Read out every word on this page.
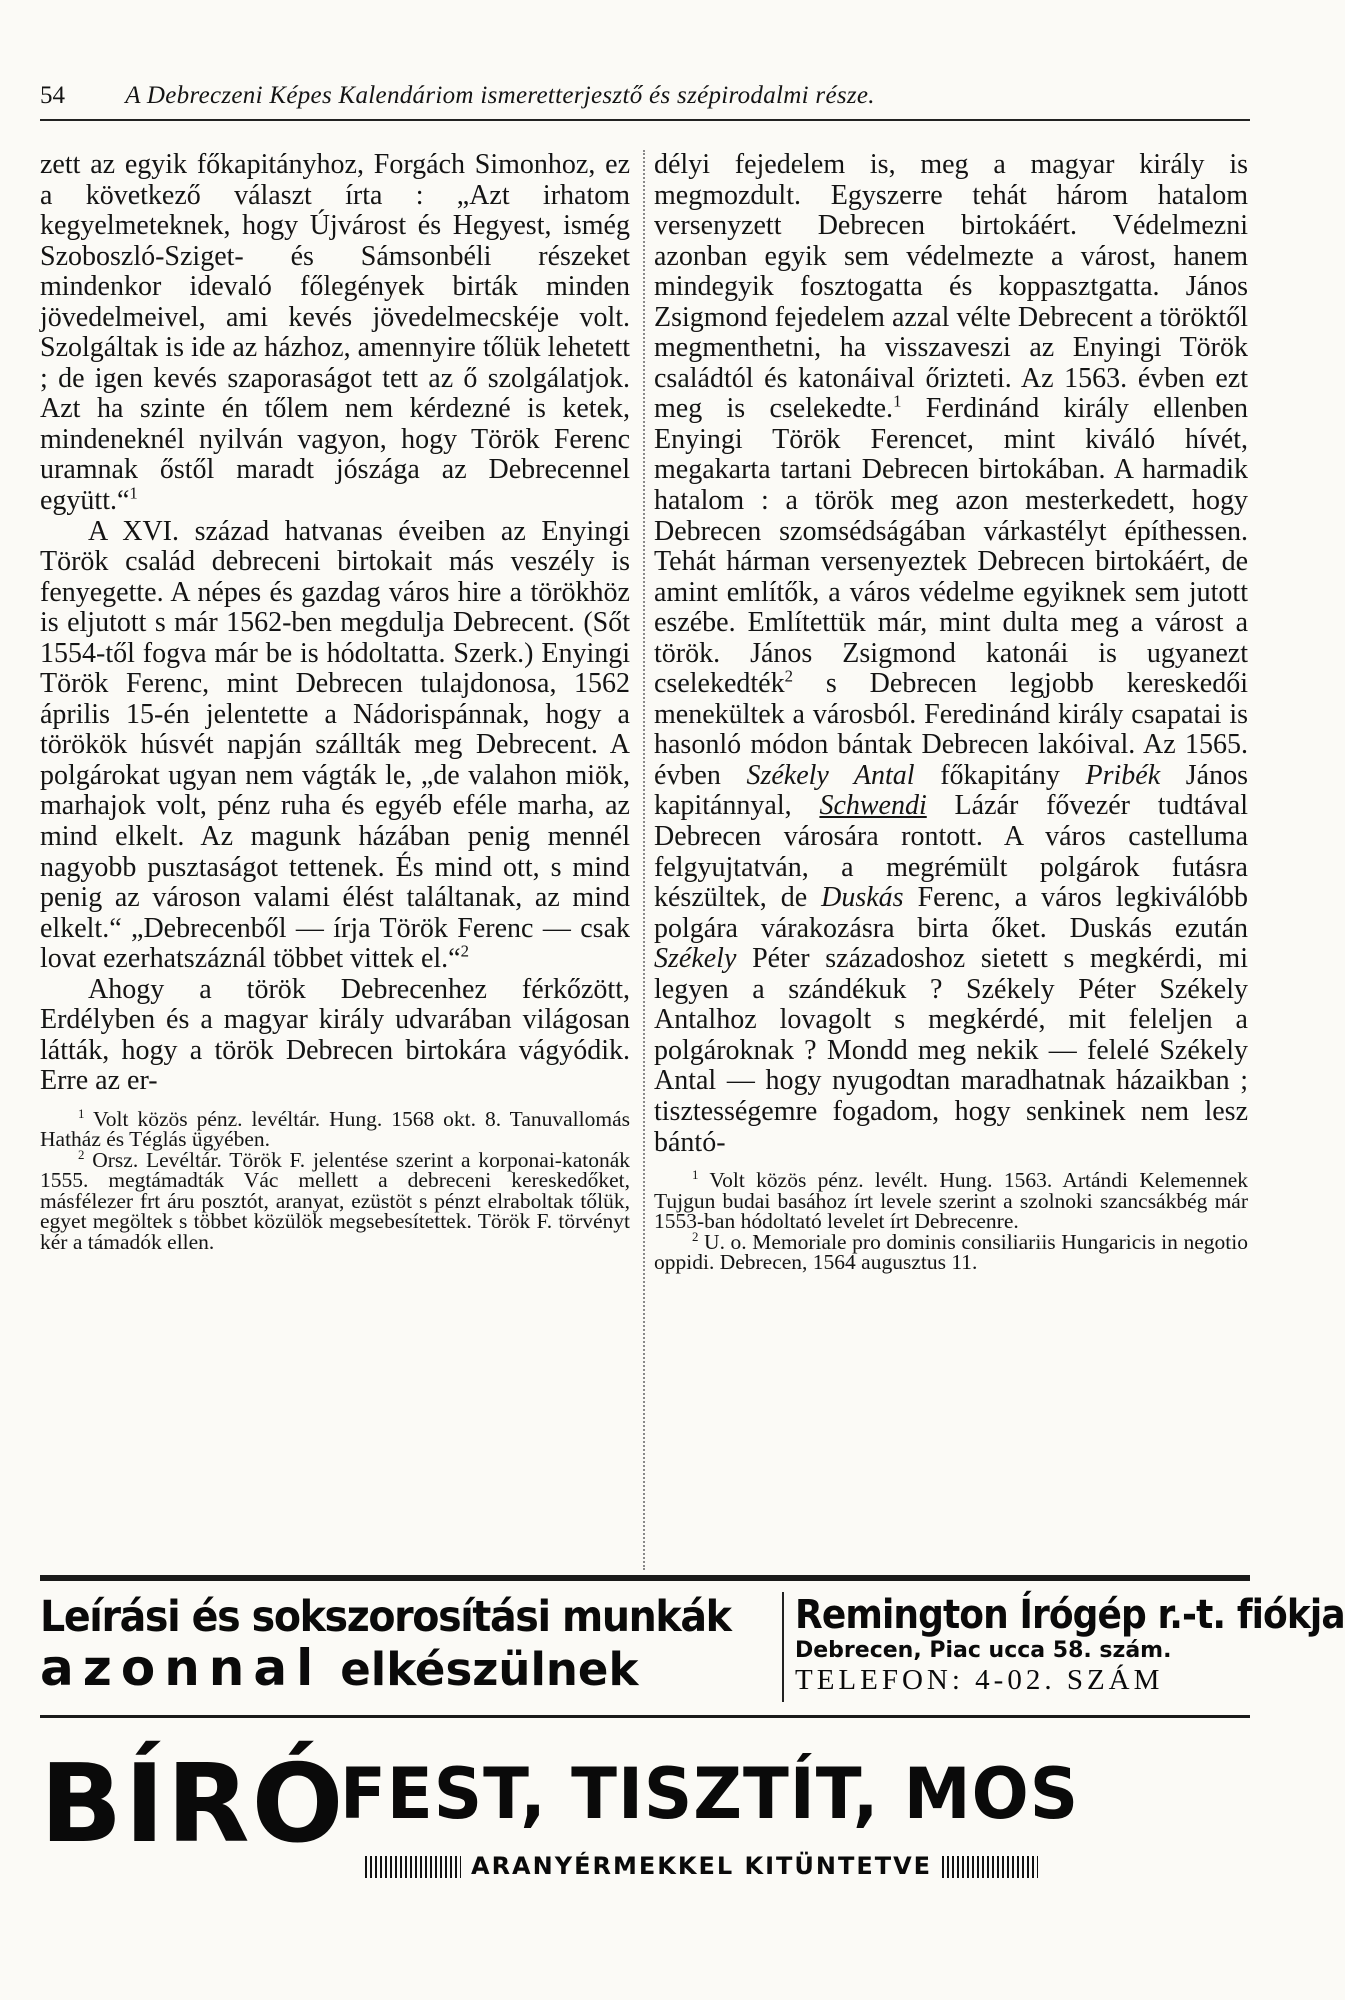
54 A Debreczeni Képes Kalendáriom ismeretterjesztő és szépirodalmi része.

zett az egyik főkapitányhoz, Forgách Simonhoz, ez a következő választ írta : „Azt irhatom kegyelmeteknek, hogy Újvárost és Hegyest, ismég Szoboszló-Sziget- és Sámsonbéli részeket mindenkor idevaló főlegények birták minden jövedelmeivel, ami kevés jövedelmecskéje volt. Szolgáltak is ide az házhoz, amennyire tőlük lehetett ; de igen kevés szaporaságot tett az ő szolgálatjok. Azt ha szinte én tőlem nem kérdezné is ketek, mindeneknél nyilván vagyon, hogy Török Ferenc uramnak őstől maradt jószága az Debrecennel együtt.“$^1$

A XVI. század hatvanas éveiben az Enyingi Török család debreceni birtokait más veszély is fenyegette. A népes és gazdag város hire a törökhöz is eljutott s már 1562-ben megdulja Debrecent. (Sőt 1554-től fogva már be is hódoltatta. Szerk.) Enyingi Török Ferenc, mint Debrecen tulajdonosa, 1562 április 15-én jelentette a Nádorispánnak, hogy a törökök húsvét napján szállták meg Debrecent. A polgárokat ugyan nem vágták le, „de valahon miök, marhajok volt, pénz ruha és egyéb eféle marha, az mind elkelt. Az magunk házában penig mennél nagyobb pusztaságot tettenek. És mind ott, s mind penig az városon valami élést találtanak, az mind elkelt.“ „Debrecenből — írja Török Ferenc — csak lovat ezerhatszáznál többet vittek el.“$^2$

Ahogy a török Debrecenhez férkőzött, Erdélyben és a magyar király udvarában világosan látták, hogy a török Debrecen birtokára vágyódik. Erre az er-

$^1$ Volt közös pénz. levéltár. Hung. 1568 okt. 8. Tanuvallomás Hatház és Téglás ügyében.

$^2$ Orsz. Levéltár. Török F. jelentése szerint a korponai-katonák 1555. megtámadták Vác mellett a debreceni kereskedőket, másfélezer frt áru posztót, aranyat, ezüstöt s pénzt elraboltak tőlük, egyet megöltek s többet közülök megsebesítettek. Török F. törvényt kér a támadók ellen.

délyi fejedelem is, meg a magyar király is megmozdult. Egyszerre tehát három hatalom versenyzett Debrecen birtokáért. Védelmezni azonban egyik sem védelmezte a várost, hanem mindegyik fosztogatta és koppasztgatta. János Zsigmond fejedelem azzal vélte Debrecent a töröktől megmenthetni, ha visszaveszi az Enyingi Török családtól és katonáival őrizteti. Az 1563. évben ezt meg is cselekedte.$^1$ Ferdinánd király ellenben Enyingi Török Ferencet, mint kiváló hívét, megakarta tartani Debrecen birtokában. A harmadik hatalom : a török meg azon mesterkedett, hogy Debrecen szomsédságában várkastélyt építhessen. Tehát hárman versenyeztek Debrecen birtokáért, de amint említők, a város védelme egyiknek sem jutott eszébe. Említettük már, mint dulta meg a várost a török. János Zsigmond katonái is ugyanezt cselekedték$^2$ s Debrecen legjobb kereskedői menekültek a városból. Feredinánd király csapatai is hasonló módon bántak Debrecen lakóival. Az 1565. évben Székely Antal főkapitány Pribék János kapitánnyal, Schwendi Lázár fővezér tudtával Debrecen városára rontott. A város castelluma felgyujtatván, a megrémült polgárok futásra készültek, de Duskás Ferenc, a város legkiválóbb polgára várakozásra birta őket. Duskás ezután Székely Péter századoshoz sietett s megkérdi, mi legyen a szándékuk ? Székely Péter Székely Antalhoz lovagolt s megkérdé, mit feleljen a polgároknak ? Mondd meg nekik — felelé Székely Antal — hogy nyugodtan maradhatnak házaikban ; tisztességemre fogadom, hogy senkinek nem lesz bántó-

$^1$ Volt közös pénz. levélt. Hung. 1563. Artándi Kelemennek Tujgun budai basához írt levele szerint a szolnoki szancsákbég már 1553-ban hódoltató levelet írt Debrecenre.

$^2$ U. o. Memoriale pro dominis consiliariis Hungaricis in negotio oppidi. Debrecen, 1564 augusztus 11.

Leírási és sokszorosítási munkák
azonnal elkészülnek
Remington Írógép r.-t. fiókja
Debrecen, Piac ucca 58. szám.
TELEFON: 4-02. SZÁM
BÍRÓ
FEST, TISZTÍT, MOS
ARANYÉRMEKKEL KITÜNTETVE
